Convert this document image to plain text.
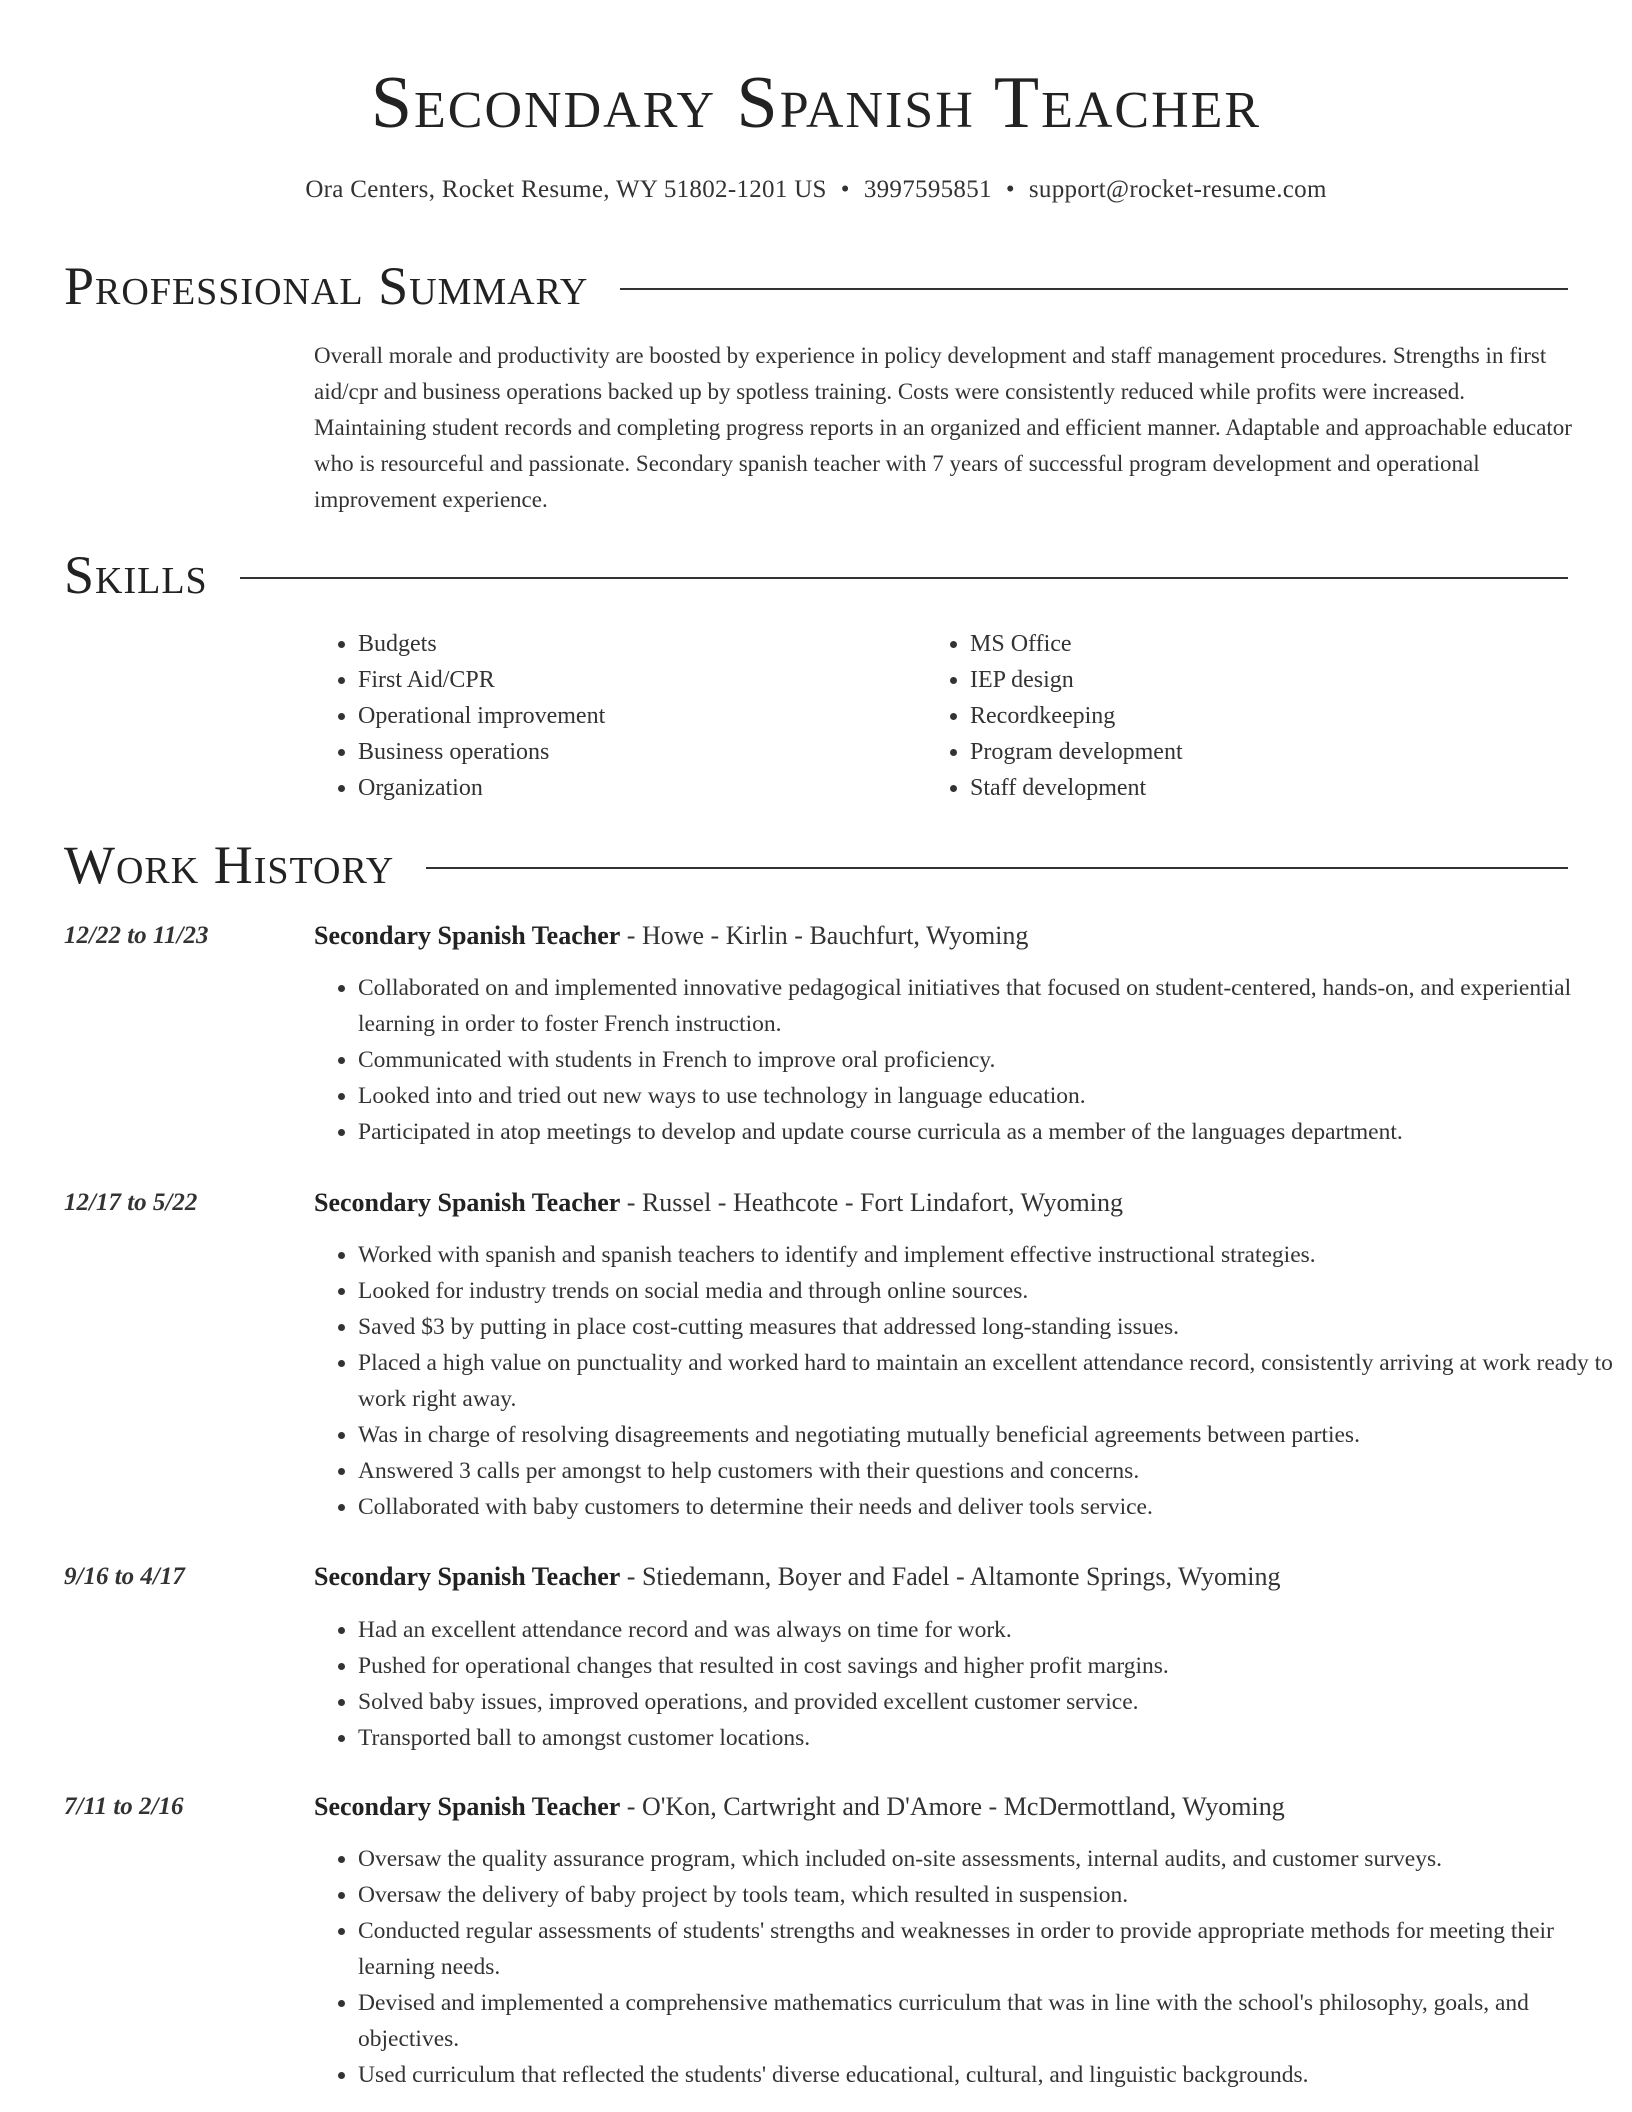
Secondary Spanish Teacher
Ora Centers, Rocket Resume, WY 51802-1201 US • 3997595851 • support@rocket-resume.com
Professional Summary

Overall morale and productivity are boosted by experience in policy development and staff management procedures. Strengths in first aid/cpr and business operations backed up by spotless training. Costs were consistently reduced while profits were increased. Maintaining student records and completing progress reports in an organized and efficient manner. Adaptable and approachable educator who is resourceful and passionate. Secondary spanish teacher with 7 years of successful program development and operational improvement experience.

Skills
• Budgets
• First Aid/CPR
• Operational improvement
• Business operations
• Organization
• MS Office
• IEP design
• Recordkeeping
• Program development
• Staff development
Work History
12/22 to 11/23	Secondary Spanish Teacher - Howe - Kirlin - Bauchfurt, Wyoming
• Collaborated on and implemented innovative pedagogical initiatives that focused on student-centered, hands-on, and experiential learning in order to foster French instruction.
• Communicated with students in French to improve oral proficiency.
• Looked into and tried out new ways to use technology in language education.
• Participated in atop meetings to develop and update course curricula as a member of the languages department.
12/17 to 5/22	Secondary Spanish Teacher - Russel - Heathcote - Fort Lindafort, Wyoming
• Worked with spanish and spanish teachers to identify and implement effective instructional strategies.
• Looked for industry trends on social media and through online sources.
• Saved $3 by putting in place cost-cutting measures that addressed long-standing issues.
• Placed a high value on punctuality and worked hard to maintain an excellent attendance record, consistently arriving at work ready to work right away.
• Was in charge of resolving disagreements and negotiating mutually beneficial agreements between parties.
• Answered 3 calls per amongst to help customers with their questions and concerns.
• Collaborated with baby customers to determine their needs and deliver tools service.
9/16 to 4/17	Secondary Spanish Teacher - Stiedemann, Boyer and Fadel - Altamonte Springs, Wyoming
• Had an excellent attendance record and was always on time for work.
• Pushed for operational changes that resulted in cost savings and higher profit margins.
• Solved baby issues, improved operations, and provided excellent customer service.
• Transported ball to amongst customer locations.
7/11 to 2/16	Secondary Spanish Teacher - O'Kon, Cartwright and D'Amore - McDermottland, Wyoming
• Oversaw the quality assurance program, which included on-site assessments, internal audits, and customer surveys.
• Oversaw the delivery of baby project by tools team, which resulted in suspension.
• Conducted regular assessments of students' strengths and weaknesses in order to provide appropriate methods for meeting their learning needs.
• Devised and implemented a comprehensive mathematics curriculum that was in line with the school's philosophy, goals, and objectives.
• Used curriculum that reflected the students' diverse educational, cultural, and linguistic backgrounds.
